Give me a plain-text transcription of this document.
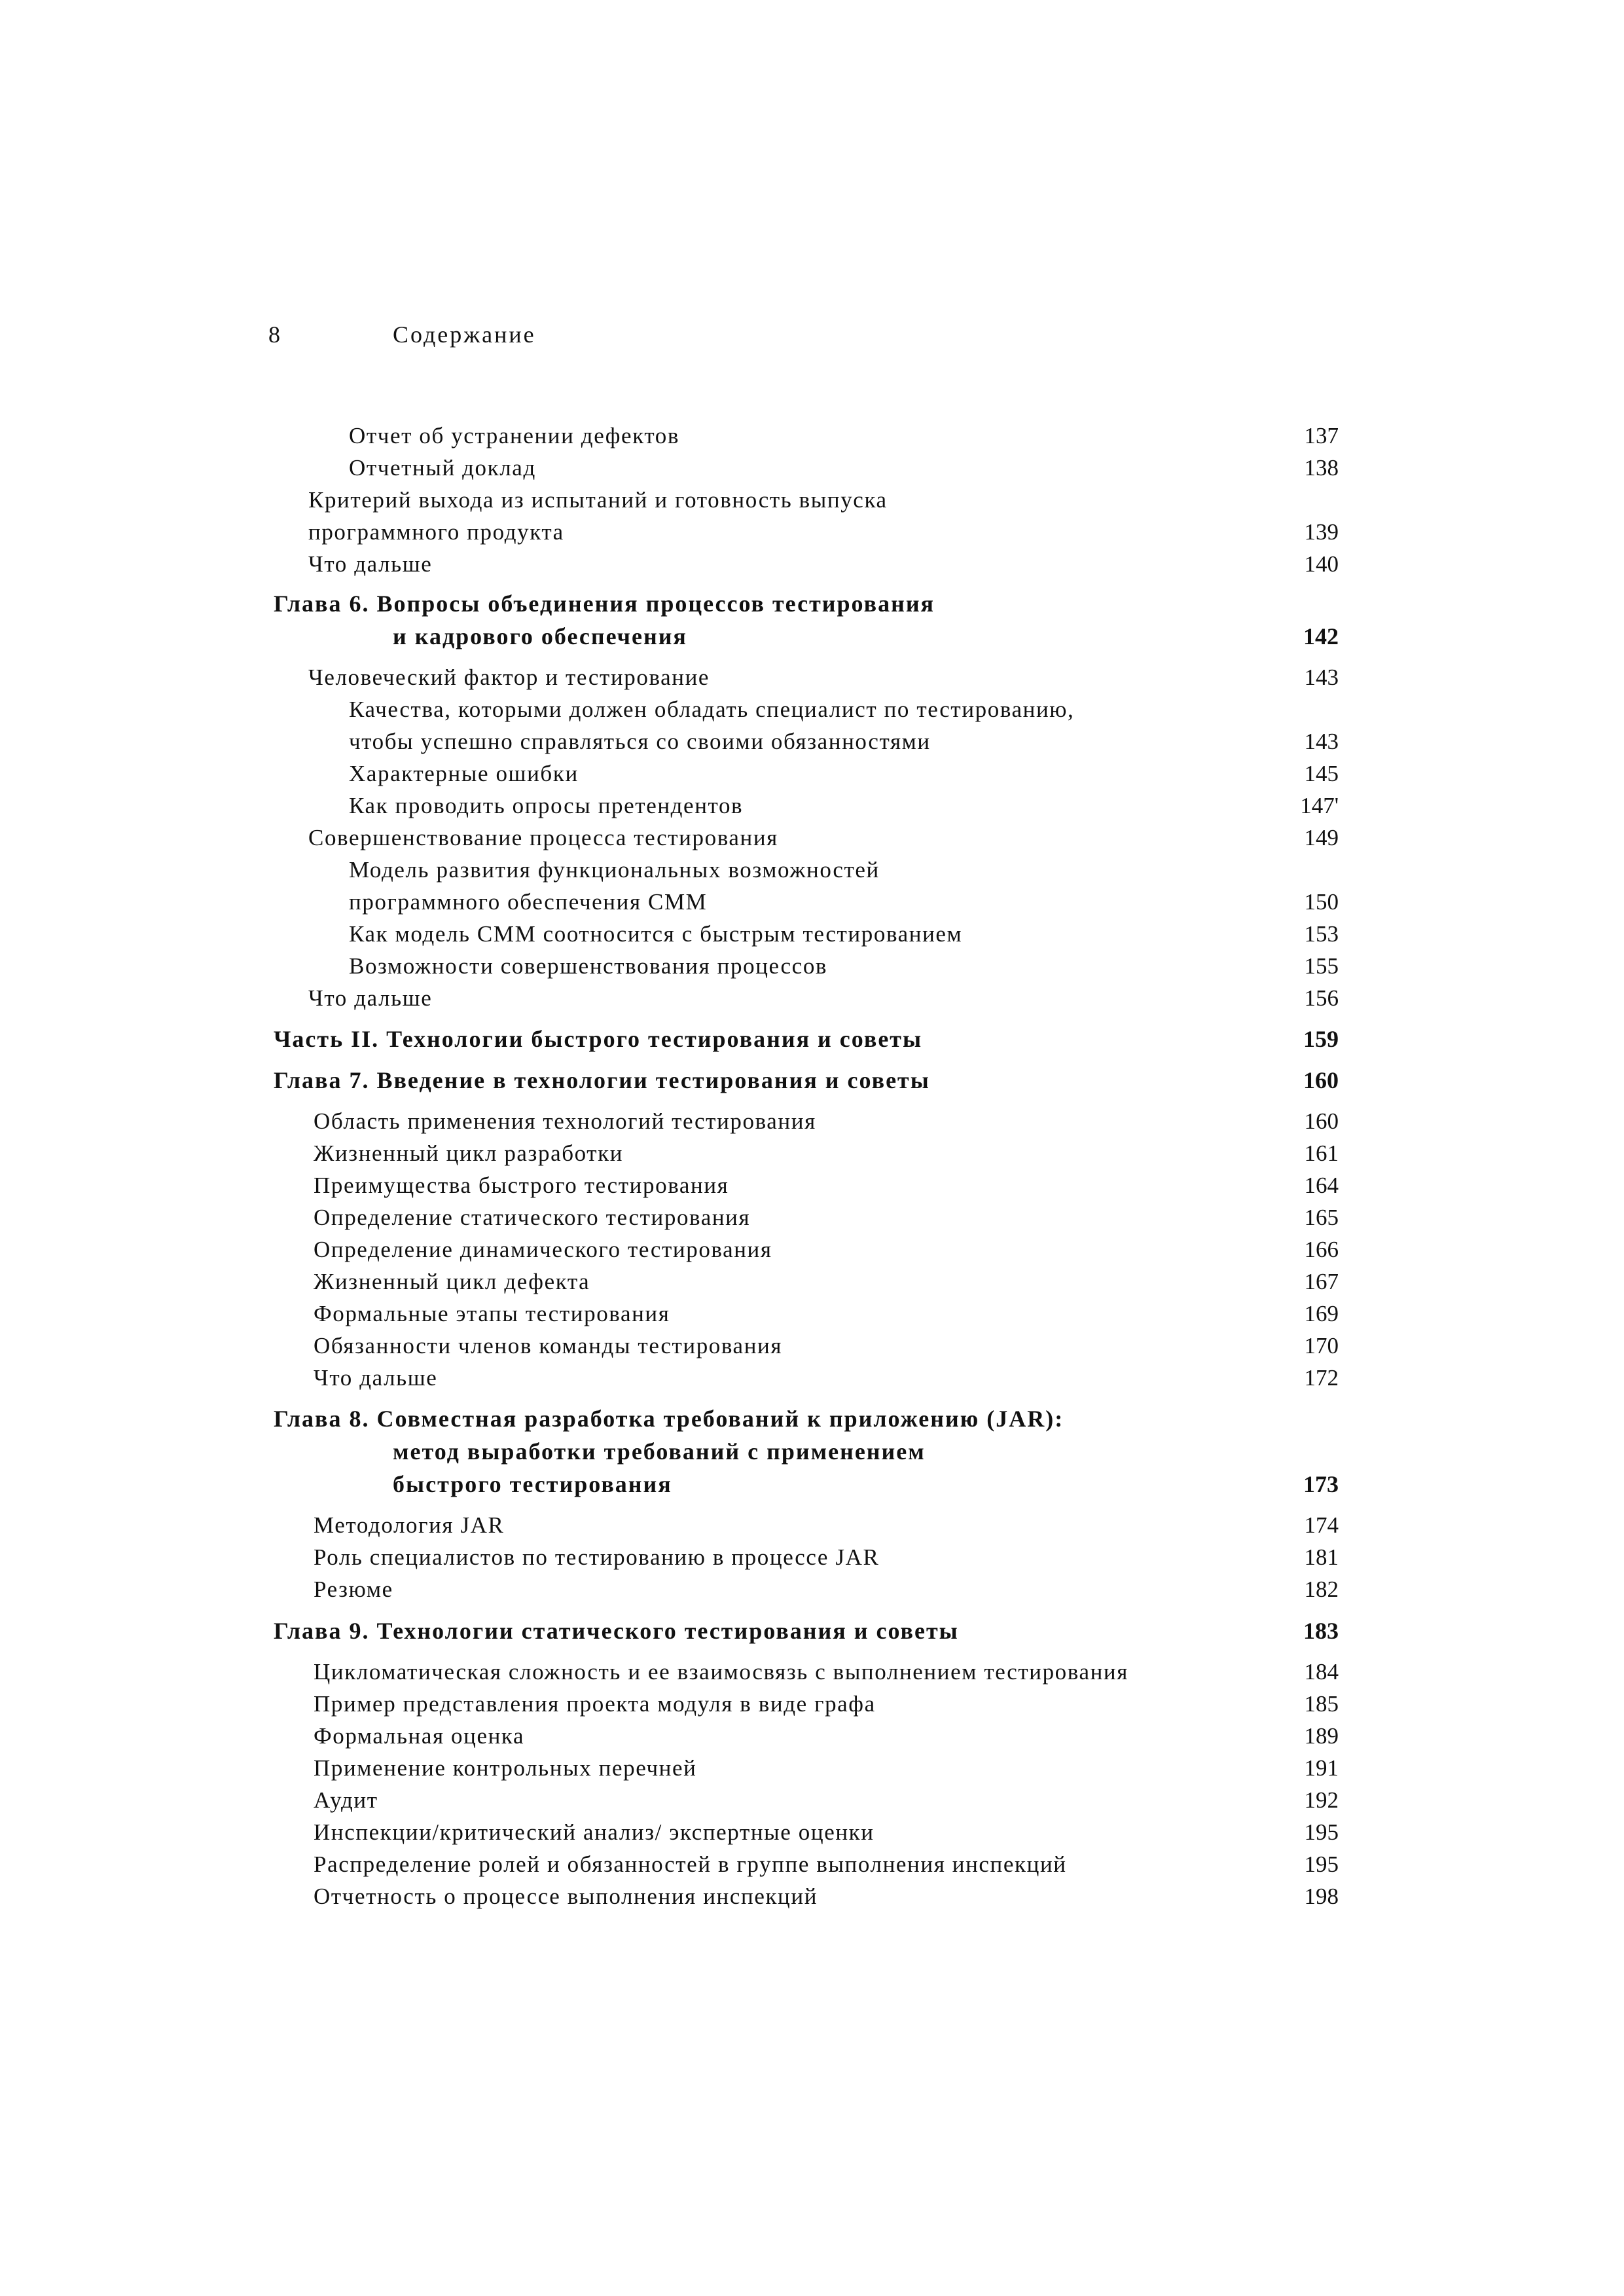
8	Содержание
Отчет об устранении дефектов	137
Отчетный доклад	138
Критерий выхода из испытаний и готовность выпуска
программного продукта	139
Что дальше	140
Глава 6. Вопросы объединения процессов тестирования
и кадрового обеспечения	142
Человеческий фактор и тестирование	143
Качества, которыми должен обладать специалист по тестированию,
чтобы успешно справляться со своими обязанностями	143
Характерные ошибки	145
Как проводить опросы претендентов	147'
Совершенствование процесса тестирования	149
Модель развития функциональных возможностей
программного обеспечения СММ	150
Как модель СММ соотносится с быстрым тестированием	153
Возможности совершенствования процессов	155
Что дальше	156
Часть II. Технологии быстрого тестирования и советы	159
Глава 7. Введение в технологии тестирования и советы	160
Область применения технологий тестирования	160
Жизненный цикл разработки	161
Преимущества быстрого тестирования	164
Определение статического тестирования	165
Определение динамического тестирования	166
Жизненный цикл дефекта	167
Формальные этапы тестирования	169
Обязанности членов команды тестирования	170
Что дальше	172
Глава 8. Совместная разработка требований к приложению (JAR):
метод выработки требований с применением
быстрого тестирования	173
Методология JAR	174
Роль специалистов по тестированию в процессе JAR	181
Резюме	182
Глава 9. Технологии статического тестирования и советы	183
Цикломатическая сложность и ее взаимосвязь с выполнением тестирования	184
Пример представления проекта модуля в виде графа	185
Формальная оценка	189
Применение контрольных перечней	191
Аудит	192
Инспекции/критический анализ/ экспертные оценки	195
Распределение ролей и обязанностей в группе выполнения инспекций	195
Отчетность о процессе выполнения инспекций	198
